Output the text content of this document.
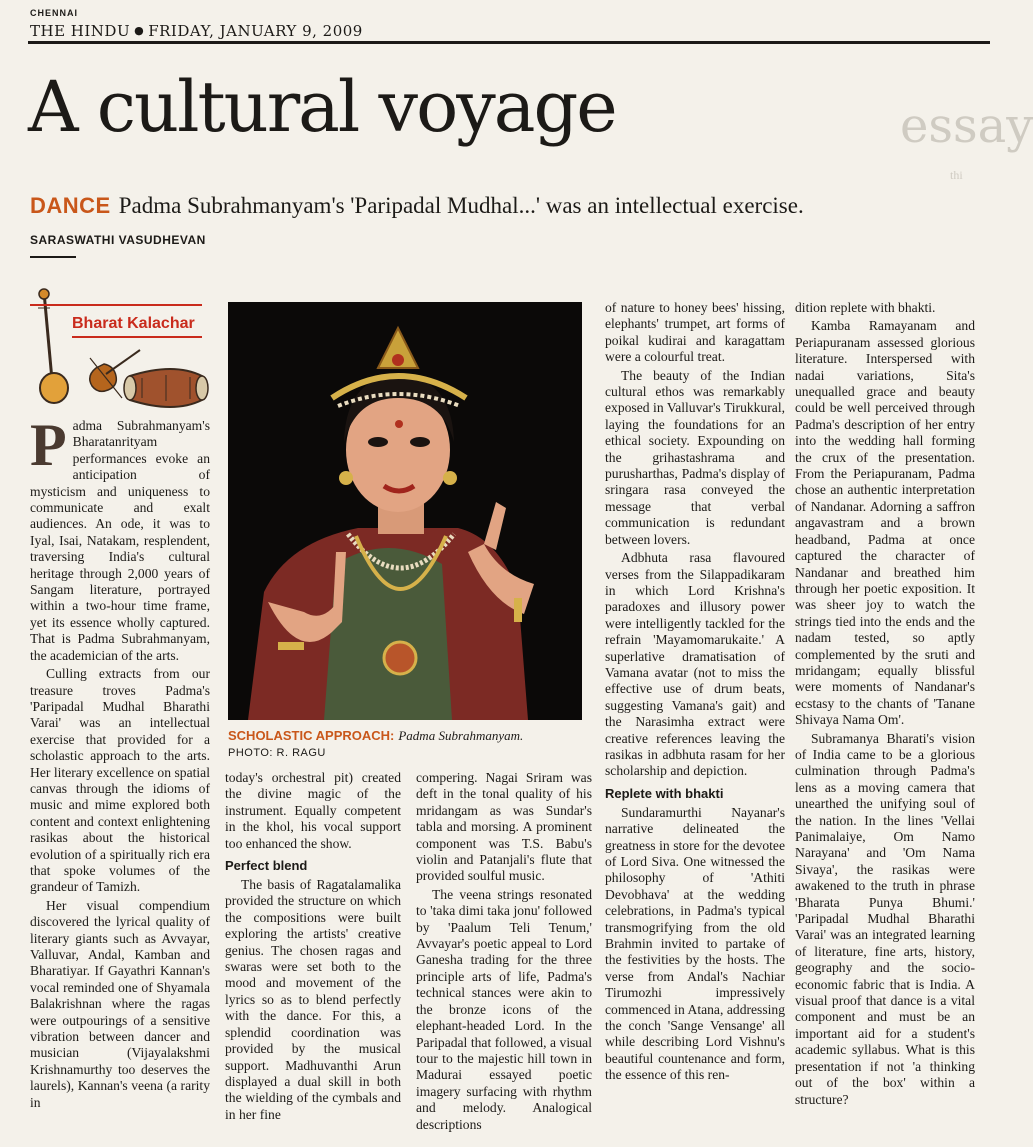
CHENNAI
THE HINDU ● FRIDAY, JANUARY 9, 2009
A cultural voyage	essay
thi
DANCE Padma Subrahmanyam's 'Paripadal Mudhal...' was an intellectual exercise.
SARASWATHI VASUDHEVAN
Bharat Kalachar

Padma Subrahmanyam's Bharatanrityam performances evoke an anticipation of mysticism and uniqueness to communicate and exalt audiences. An ode, it was to Iyal, Isai, Natakam, resplendent, traversing India's cultural heritage through 2,000 years of Sangam literature, portrayed within a two-hour time frame, yet its essence wholly captured. That is Padma Subrahmanyam, the academician of the arts.

Culling extracts from our treasure troves Padma's 'Paripadal Mudhal Bharathi Varai' was an intellectual exercise that provided for a scholastic approach to the arts. Her literary excellence on spatial canvas through the idioms of music and mime explored both content and context enlightening rasikas about the historical evolution of a spiritually rich era that spoke volumes of the grandeur of Tamizh.

Her visual compendium discovered the lyrical quality of literary giants such as Avvayar, Valluvar, Andal, Kamban and Bharatiyar. If Gayathri Kannan's vocal reminded one of Shyamala Balakrishnan where the ragas were outpourings of a sensitive vibration between dancer and musician (Vijayalakshmi Krishnamurthy too deserves the laurels), Kannan's veena (a rarity in

SCHOLASTIC APPROACH: Padma Subrahmanyam.
PHOTO: R. RAGU

today's orchestral pit) created the divine magic of the instrument. Equally competent in the khol, his vocal support too enhanced the show.

Perfect blend

The basis of Ragatalamalika provided the structure on which the compositions were built exploring the artists' creative genius. The chosen ragas and swaras were set both to the mood and movement of the lyrics so as to blend perfectly with the dance. For this, a splendid coordination was provided by the musical support. Madhuvanthi Arun displayed a dual skill in both the wielding of the cymbals and in her fine

compering. Nagai Sriram was deft in the tonal quality of his mridangam as was Sundar's tabla and morsing. A prominent component was T.S. Babu's violin and Patanjali's flute that provided soulful music.

The veena strings resonated to 'taka dimi taka jonu' followed by 'Paalum Teli Tenum,' Avvayar's poetic appeal to Lord Ganesha trading for the three principle arts of life, Padma's technical stances were akin to the bronze icons of the elephant-headed Lord. In the Paripadal that followed, a visual tour to the majestic hill town in Madurai essayed poetic imagery surfacing with rhythm and melody. Analogical descriptions

of nature to honey bees' hissing, elephants' trumpet, art forms of poikal kudirai and karagattam were a colourful treat.

The beauty of the Indian cultural ethos was remarkably exposed in Valluvar's Tirukkural, laying the foundations for an ethical society. Expounding on the grihastashrama and purusharthas, Padma's display of sringara rasa conveyed the message that verbal communication is redundant between lovers.

Adbhuta rasa flavoured verses from the Silappadikaram in which Lord Krishna's paradoxes and illusory power were intelligently tackled for the refrain 'Mayamomarukaite.' A superlative dramatisation of Vamana avatar (not to miss the effective use of drum beats, suggesting Vamana's gait) and the Narasimha extract were creative references leaving the rasikas in adbhuta rasam for her scholarship and depiction.

Replete with bhakti

Sundaramurthi Nayanar's narrative delineated the greatness in store for the devotee of Lord Siva. One witnessed the philosophy of 'Athiti Devobhava' at the wedding celebrations, in Padma's typical transmogrifying from the old Brahmin invited to partake of the festivities by the hosts. The verse from Andal's Nachiar Tirumozhi impressively commenced in Atana, addressing the conch 'Sange Vensange' all while describing Lord Vishnu's beautiful countenance and form, the essence of this ren-

dition replete with bhakti.

Kamba Ramayanam and Periapuranam assessed glorious literature. Interspersed with nadai variations, Sita's unequalled grace and beauty could be well perceived through Padma's description of her entry into the wedding hall forming the crux of the presentation. From the Periapuranam, Padma chose an authentic interpretation of Nandanar. Adorning a saffron angavastram and a brown headband, Padma at once captured the character of Nandanar and breathed him through her poetic exposition. It was sheer joy to watch the strings tied into the ends and the nadam tested, so aptly complemented by the sruti and mridangam; equally blissful were moments of Nandanar's ecstasy to the chants of 'Tanane Shivaya Nama Om'.

Subramanya Bharati's vision of India came to be a glorious culmination through Padma's lens as a moving camera that unearthed the unifying soul of the nation. In the lines 'Vellai Panimalaiye, Om Namo Narayana' and 'Om Nama Sivaya', the rasikas were awakened to the truth in phrase 'Bharata Punya Bhumi.' 'Paripadal Mudhal Bharathi Varai' was an integrated learning of literature, fine arts, history, geography and the socio-economic fabric that is India. A visual proof that dance is a vital component and must be an important aid for a student's academic syllabus. What is this presentation if not 'a thinking out of the box' within a structure?
